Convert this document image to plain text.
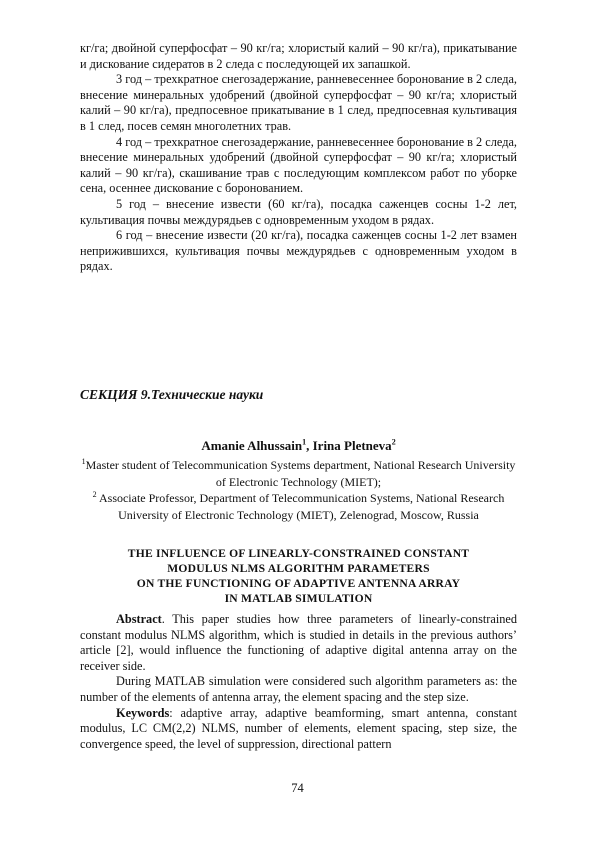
кг/га; двойной суперфосфат – 90 кг/га; хлористый калий – 90 кг/га), прикатывание и дискование сидератов в 2 следа с последующей их запашкой.

3 год – трехкратное снегозадержание, ранневесеннее боронование в 2 следа, внесение минеральных удобрений (двойной суперфосфат – 90 кг/га; хлористый калий – 90 кг/га), предпосевное прикатывание в 1 след, предпосевная культивация в 1 след, посев семян многолетних трав.

4 год – трехкратное снегозадержание, ранневесеннее боронование в 2 следа, внесение минеральных удобрений (двойной суперфосфат – 90 кг/га; хлористый калий – 90 кг/га), скашивание трав с последующим комплексом работ по уборке сена, осеннее дискование с боронованием.

5 год – внесение извести (60 кг/га), посадка саженцев сосны 1-2 лет, культивация почвы междурядьев с одновременным уходом в рядах.

6 год – внесение извести (20 кг/га), посадка саженцев сосны 1-2 лет взамен неприжившихся, культивация почвы междурядьев с одновременным уходом в рядах.

СЕКЦИЯ 9.Технические науки
Amanie Alhussain$^1$, Irina Pletneva$^2$
$^1$Master student of Telecommunication Systems department, National Research University of Electronic Technology (MIET);
$^2$ Associate Professor, Department of Telecommunication Systems, National Research University of Electronic Technology (MIET), Zelenograd, Moscow, Russia
THE INFLUENCE OF LINEARLY-CONSTRAINED CONSTANT
MODULUS NLMS ALGORITHM PARAMETERS
ON THE FUNCTIONING OF ADAPTIVE ANTENNA ARRAY
IN MATLAB SIMULATION

Abstract. This paper studies how three parameters of linearly-constrained constant modulus NLMS algorithm, which is studied in details in the previous authors’ article [2], would influence the functioning of adaptive digital antenna array on the receiver side.

During MATLAB simulation were considered such algorithm parameters as: the number of the elements of antenna array, the element spacing and the step size.

Keywords: adaptive array, adaptive beamforming, smart antenna, constant modulus, LC CM(2,2) NLMS, number of elements, element spacing, step size, the convergence speed, the level of suppression, directional pattern

74
